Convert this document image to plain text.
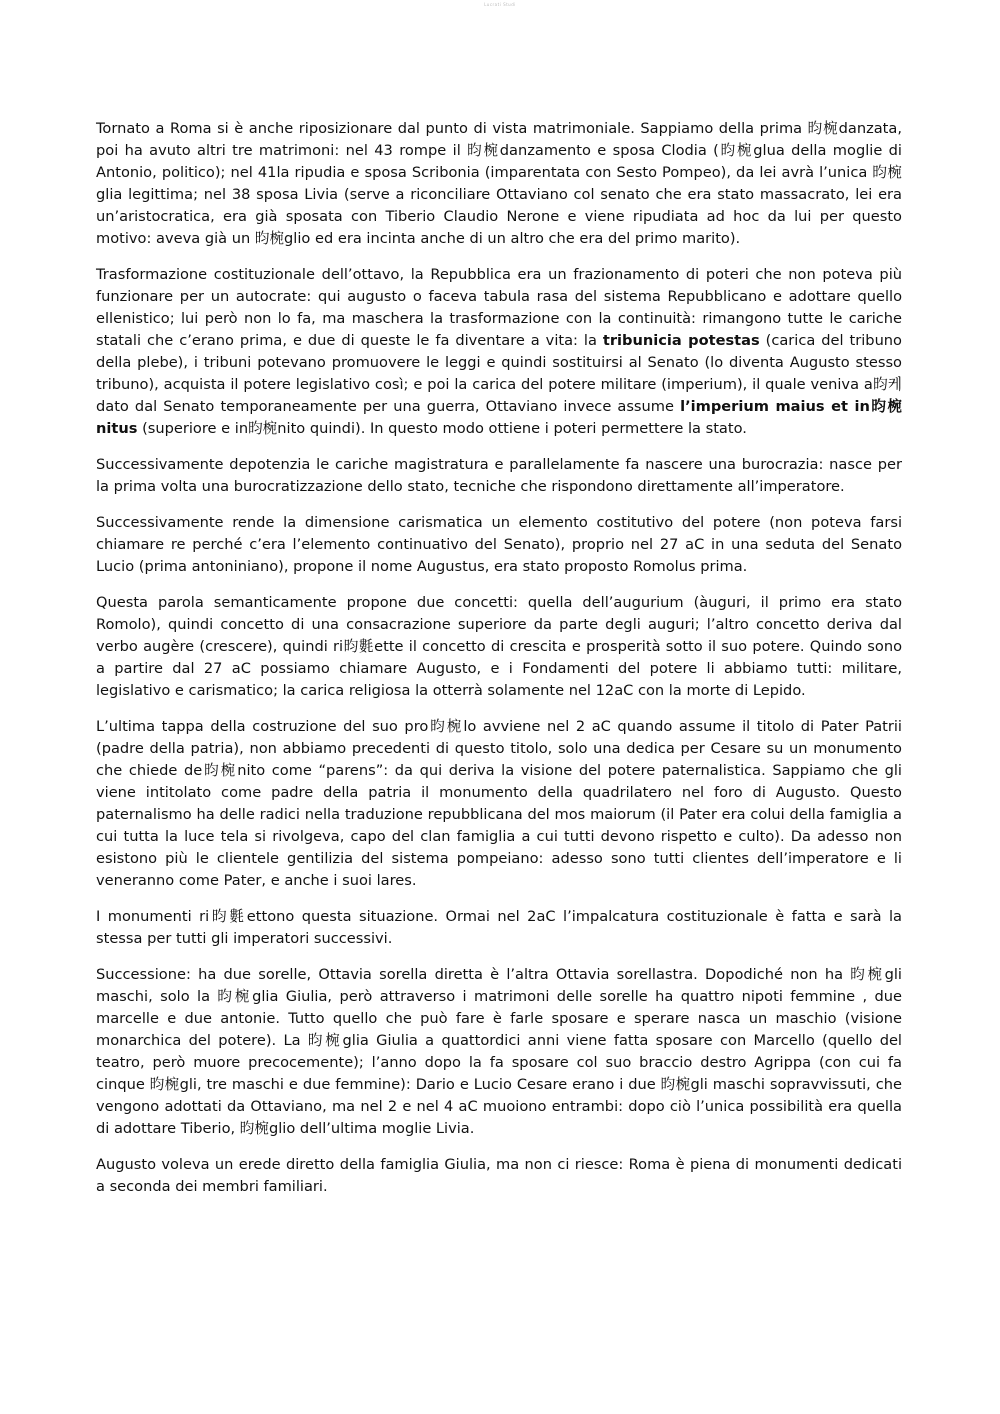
Lucrati Studi

Tornato a Roma si è anche riposizionare dal punto di vista matrimoniale. Sappiamo della prima 昀椀danzata, poi ha avuto altri tre matrimoni: nel 43 rompe il 昀椀danzamento e sposa Clodia (昀椀glua della moglie di Antonio, politico); nel 41la ripudia e sposa Scribonia (imparentata con Sesto Pompeo), da lei avrà l’unica 昀椀glia legittima; nel 38 sposa Livia (serve a riconciliare Ottaviano col senato che era stato massacrato, lei era un’aristocratica, era già sposata con Tiberio Claudio Nerone e viene ripudiata ad hoc da lui per questo motivo: aveva già un 昀椀glio ed era incinta anche di un altro che era del primo marito).

Trasformazione costituzionale dell’ottavo, la Repubblica era un frazionamento di poteri che non poteva più funzionare per un autocrate: qui augusto o faceva tabula rasa del sistema Repubblicano e adottare quello ellenistico; lui però non lo fa, ma maschera la trasformazione con la continuità: rimangono tutte le cariche statali che c’erano prima, e due di queste le fa diventare a vita: la tribunicia potestas (carica del tribuno della plebe), i tribuni potevano promuovere le leggi e quindi sostituirsi al Senato (lo diventa Augusto stesso tribuno), acquista il potere legislativo così; e poi la carica del potere militare (imperium), il quale veniva a昀케dato dal Senato temporaneamente per una guerra, Ottaviano invece assume l’imperium maius et in昀椀nitus (superiore e in昀椀nito quindi). In questo modo ottiene i poteri permettere la stato.

Successivamente depotenzia le cariche magistratura e parallelamente fa nascere una burocrazia: nasce per la prima volta una burocratizzazione dello stato, tecniche che rispondono direttamente all’imperatore.

Successivamente rende la dimensione carismatica un elemento costitutivo del potere (non poteva farsi chiamare re perché c’era l’elemento continuativo del Senato), proprio nel 27 aC in una seduta del Senato Lucio (prima antoniniano), propone il nome Augustus, era stato proposto Romolus prima.

Questa parola semanticamente propone due concetti: quella dell’augurium (àuguri, il primo era stato Romolo), quindi concetto di una consacrazione superiore da parte degli auguri; l’altro concetto deriva dal verbo augère (crescere), quindi ri昀氀ette il concetto di crescita e prosperità sotto il suo potere. Quindo sono a partire dal 27 aC possiamo chiamare Augusto, e i Fondamenti del potere li abbiamo tutti: militare, legislativo e carismatico; la carica religiosa la otterrà solamente nel 12aC con la morte di Lepido.

L’ultima tappa della costruzione del suo pro昀椀lo avviene nel 2 aC quando assume il titolo di Pater Patrii (padre della patria), non abbiamo precedenti di questo titolo, solo una dedica per Cesare su un monumento che chiede de昀椀nito come “parens”: da qui deriva la visione del potere paternalistica. Sappiamo che gli viene intitolato come padre della patria il monumento della quadrilatero nel foro di Augusto. Questo paternalismo ha delle radici nella traduzione repubblicana del mos maiorum (il Pater era colui della famiglia a cui tutta la luce tela si rivolgeva, capo del clan famiglia a cui tutti devono rispetto e culto). Da adesso non esistono più le clientele gentilizia del sistema pompeiano: adesso sono tutti clientes dell’imperatore e li veneranno come Pater, e anche i suoi lares.

I monumenti ri昀氀ettono questa situazione. Ormai nel 2aC l’impalcatura costituzionale è fatta e sarà la stessa per tutti gli imperatori successivi.

Successione: ha due sorelle, Ottavia sorella diretta è l’altra Ottavia sorellastra. Dopodiché non ha 昀椀gli maschi, solo la 昀椀glia Giulia, però attraverso i matrimoni delle sorelle ha quattro nipoti femmine , due marcelle e due antonie. Tutto quello che può fare è farle sposare e sperare nasca un maschio (visione monarchica del potere). La 昀椀glia Giulia a quattordici anni viene fatta sposare con Marcello (quello del teatro, però muore precocemente); l’anno dopo la fa sposare col suo braccio destro Agrippa (con cui fa cinque 昀椀gli, tre maschi e due femmine): Dario e Lucio Cesare erano i due 昀椀gli maschi sopravvissuti, che vengono adottati da Ottaviano, ma nel 2 e nel 4 aC muoiono entrambi: dopo ciò l’unica possibilità era quella di adottare Tiberio, 昀椀glio dell’ultima moglie Livia.

Augusto voleva un erede diretto della famiglia Giulia, ma non ci riesce: Roma è piena di monumenti dedicati a seconda dei membri familiari.
